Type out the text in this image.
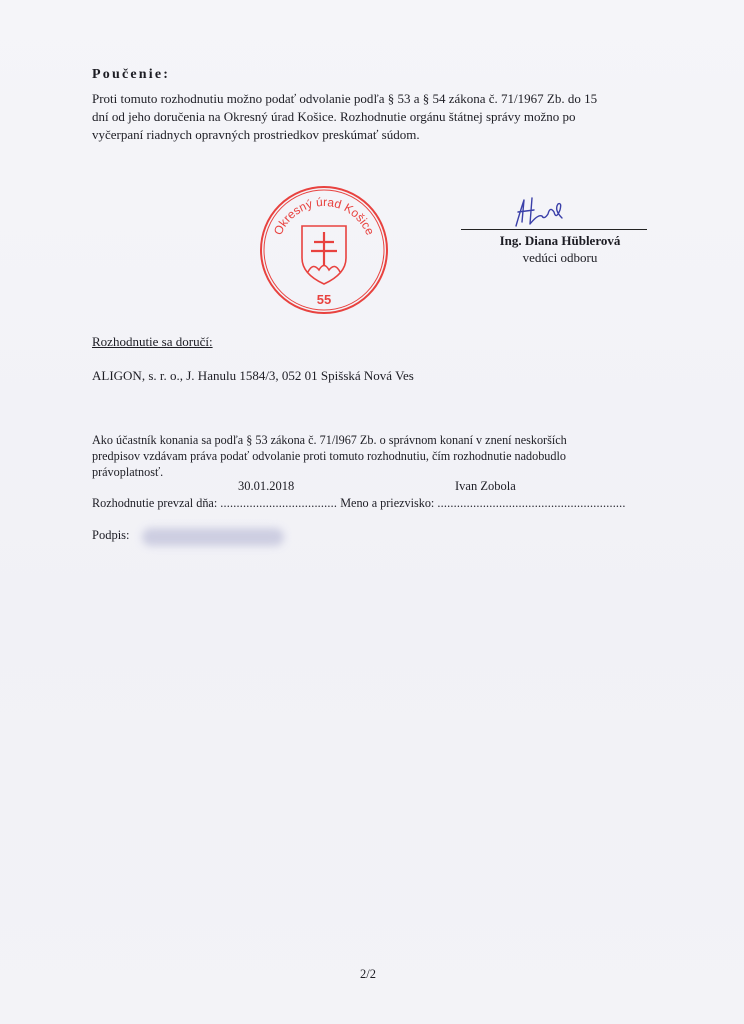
Poučenie:
Proti tomuto rozhodnutiu možno podať odvolanie podľa § 53 a § 54 zákona č. 71/1967 Zb. do 15
dní od jeho doručenia na Okresný úrad Košice. Rozhodnutie orgánu štátnej správy možno po
vyčerpaní riadnych opravných prostriedkov preskúmať súdom.
Okresný úrad Košice
55
Ing. Diana Hüblerová
vedúci odboru
Rozhodnutie sa doručí:
ALIGON, s. r. o., J. Hanulu 1584/3, 052 01 Spišská Nová Ves
Ako účastník konania sa podľa § 53 zákona č. 71/l967 Zb. o správnom konaní v znení neskorších
predpisov vzdávam práva podať odvolanie proti tomuto rozhodnutiu, čím rozhodnutie nadobudlo
právoplatnosť.
30.01.2018	Ivan Zobola
Rozhodnutie prevzal dňa: .................................... Meno a priezvisko: ..........................................................
Podpis:
2/2
